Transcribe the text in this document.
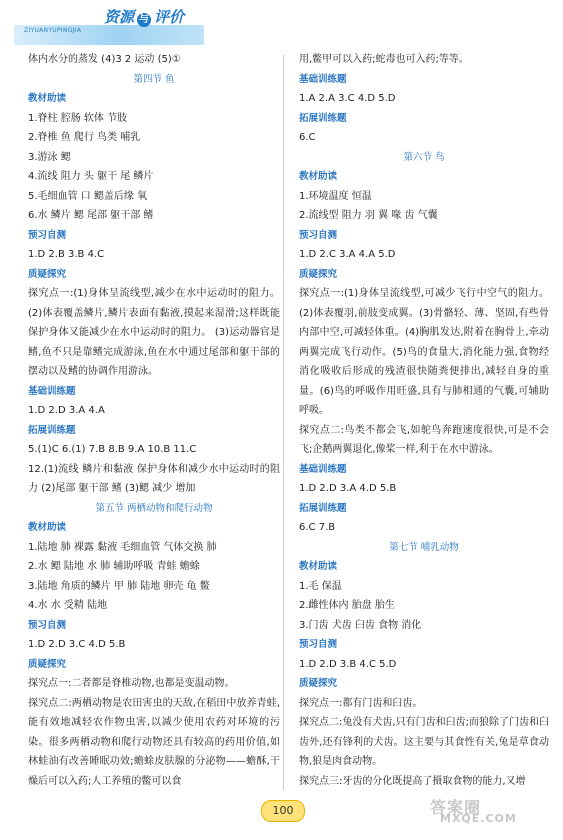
ZIYUANYUPINGJIA
资源 与 评价
体内水分的蒸发 (4)3 2 运动 (5)①
第四节 鱼
教材助读
1.脊柱 腔肠 软体 节肢
2.脊椎 鱼 爬行 鸟类 哺乳
3.游泳 鳃
4.流线 阻力 头 躯干 尾 鳞片
5.毛细血管 口 鳃盖后缘 氧
6.水 鳞片 鳃 尾部 躯干部 鳍
预习自测
1.D 2.B 3.B 4.C
质疑探究
探究点一:(1)身体呈流线型,减少在水中运动时的阻力。(2)体表覆盖鳞片,鳞片表面有黏液,摸起来湿滑;这样既能保护身体又能减少在水中运动时的阻力。 (3)运动器官是鳍,鱼不只是靠鳍完成游泳,鱼在水中通过尾部和躯干部的摆动以及鳍的协调作用游泳。
基础训练题
1.D 2.D 3.A 4.A
拓展训练题
5.(1)C 6.(1) 7.B 8.B 9.A 10.B 11.C
12.(1)流线 鳞片和黏液 保护身体和减少水中运动时的阻力 (2)尾部 躯干部 鳍 (3)鳃 减少 增加
第五节 两栖动物和爬行动物
教材助读
1.陆地 肺 裸露 黏液 毛细血管 气体交换 肺
2.水 鳃 陆地 水 肺 辅助呼吸 青蛙 蟾蜍
3.陆地 角质的鳞片 甲 肺 陆地 卵壳 龟 鳖
4.水 水 受精 陆地
预习自测
1.D 2.D 3.C 4.D 5.B
质疑探究
探究点一:二者都是脊椎动物,也都是变温动物。
探究点二:两栖动物是农田害虫的天敌,在稻田中放养青蛙,能有效地减轻农作物虫害,以减少使用农药对环境的污染。很多两栖动物和爬行动物还具有较高的药用价值,如林蛙油有改善睡眠功效;蟾蜍皮肤腺的分泌物——蟾酥,干燥后可以入药;人工养殖的鳖可以食
用,鳖甲可以入药;蛇毒也可入药;等等。
基础训练题
1.A 2.A 3.C 4.D 5.D
拓展训练题
6.C
第六节 鸟
教材助读
1.环境温度 恒温
2.流线型 阻力 羽 翼 喙 齿 气囊
预习自测
1.D 2.C 3.A 4.A 5.D
质疑探究
探究点一:(1)身体呈流线型,可减少飞行中空气的阻力。(2)体表覆羽,前肢变成翼。(3)骨骼轻、薄、坚固,有些骨内部中空,可减轻体重。(4)胸肌发达,附着在胸骨上,牵动两翼完成飞行动作。(5)鸟的食量大,消化能力强,食物经消化吸收后形成的残渣很快随粪便排出,减轻自身的重量。(6)鸟的呼吸作用旺盛,具有与肺相通的气囊,可辅助呼吸。
探究点二:鸟类不都会飞,如鸵鸟奔跑速度很快,可是不会飞;企鹅两翼退化,像桨一样,利于在水中游泳。
基础训练题
1.D 2.D 3.A 4.D 5.B
拓展训练题
6.C 7.B
第七节 哺乳动物
教材助读
1.毛 保温
2.雌性体内 胎盘 胎生
3.门齿 犬齿 臼齿 食物 消化
预习自测
1.D 2.D 3.B 4.C 5.D
质疑探究
探究点一:都有门齿和臼齿。
探究点二:兔没有犬齿,只有门齿和臼齿;而狼除了门齿和臼齿外,还有锋利的犬齿。这主要与其食性有关,兔是草食动物,狼是肉食动物。
探究点三:牙齿的分化既提高了摄取食物的能力,又增
100	答案圈
MXQE.COM
